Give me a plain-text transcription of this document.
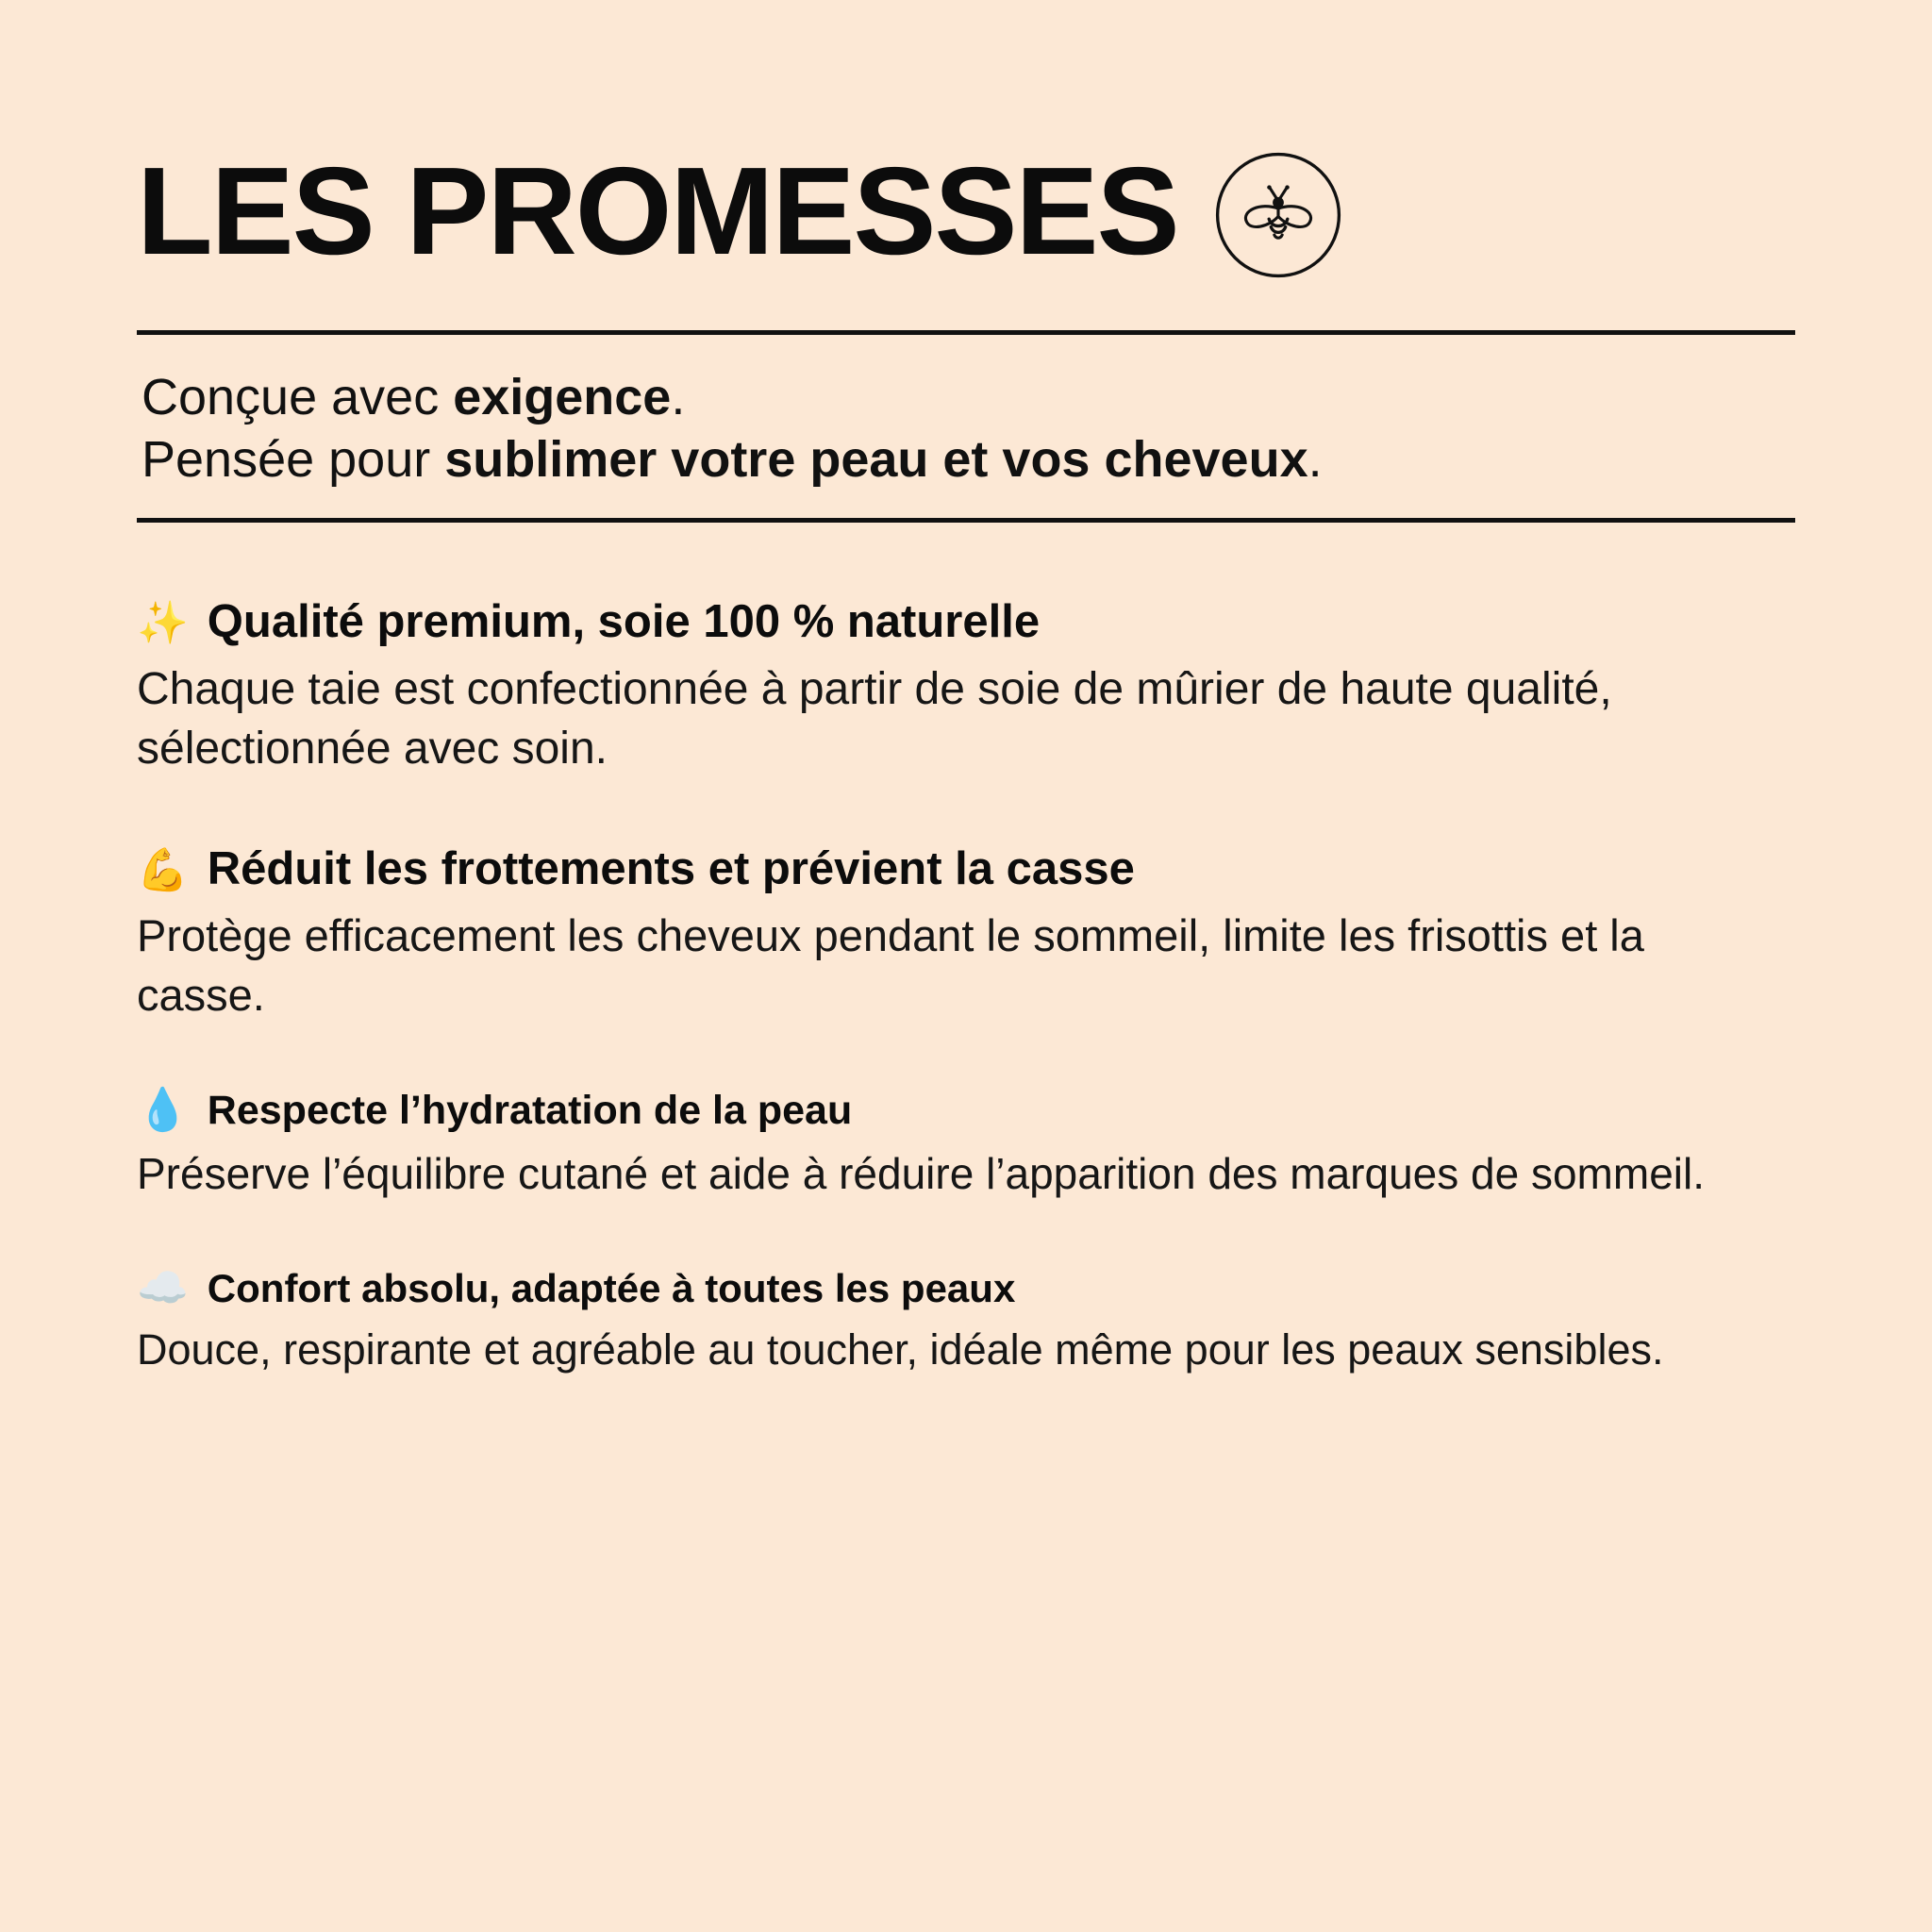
LES PROMESSES
Conçue avec exigence.
Pensée pour sublimer votre peau et vos cheveux.
✨ Qualité premium, soie 100 % naturelle

Chaque taie est confectionnée à partir de soie de mûrier de haute qualité, sélectionnée avec soin.

💪 Réduit les frottements et prévient la casse

Protège efficacement les cheveux pendant le sommeil, limite les frisottis et la casse.

💧 Respecte l’hydratation de la peau

Préserve l’équilibre cutané et aide à réduire l’apparition des marques de sommeil.

☁️ Confort absolu, adaptée à toutes les peaux

Douce, respirante et agréable au toucher, idéale même pour les peaux sensibles.
